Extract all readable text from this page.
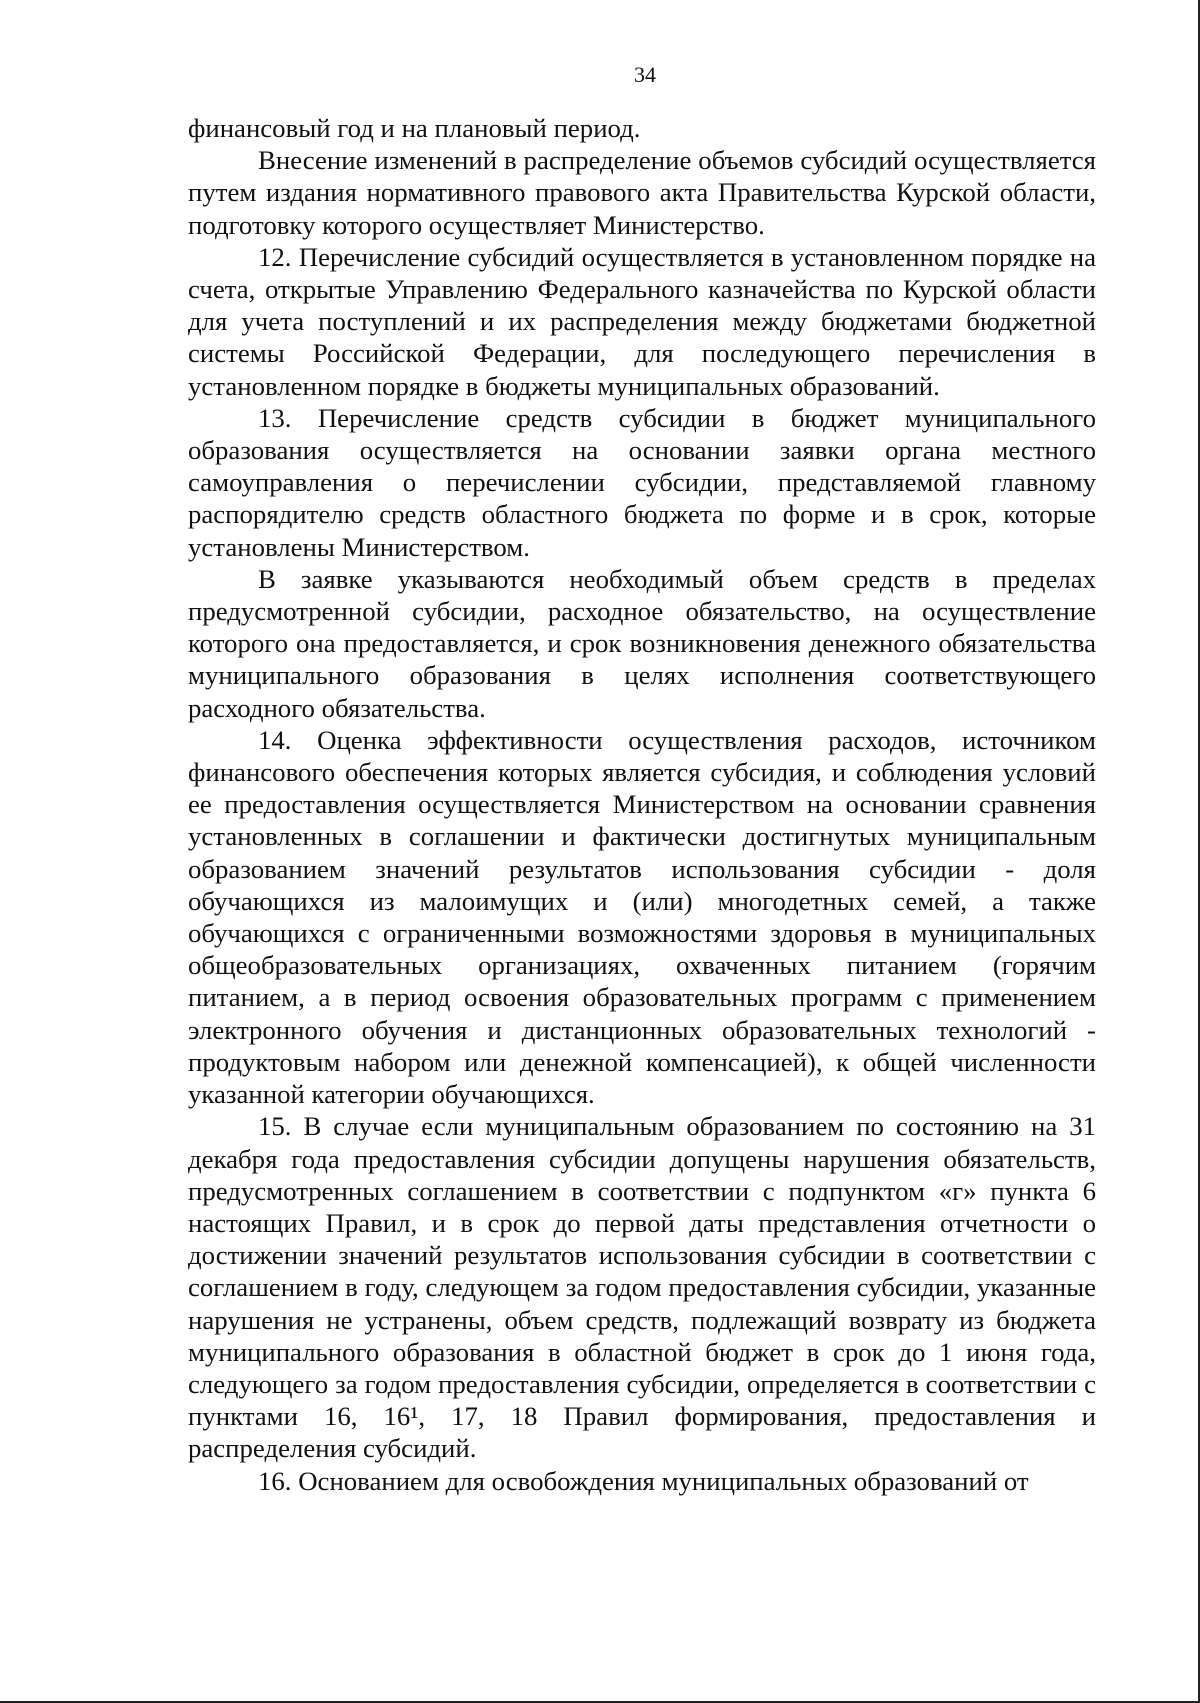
34

финансовый год и на плановый период.

Внесение изменений в распределение объемов субсидий осуществляется путем издания нормативного правового акта Правительства Курской области, подготовку которого осуществляет Министерство.

12. Перечисление субсидий осуществляется в установленном порядке на счета, открытые Управлению Федерального казначейства по Курской области для учета поступлений и их распределения между бюджетами бюджетной системы Российской Федерации, для последующего перечисления в установленном порядке в бюджеты муниципальных образований.

13. Перечисление средств субсидии в бюджет муниципального образования осуществляется на основании заявки органа местного самоуправления о перечислении субсидии, представляемой главному распорядителю средств областного бюджета по форме и в срок, которые установлены Министерством.

В заявке указываются необходимый объем средств в пределах предусмотренной субсидии, расходное обязательство, на осуществление которого она предоставляется, и срок возникновения денежного обязательства муниципального образования в целях исполнения соответствующего расходного обязательства.

14. Оценка эффективности осуществления расходов, источником финансового обеспечения которых является субсидия, и соблюдения условий ее предоставления осуществляется Министерством на основании сравнения установленных в соглашении и фактически достигнутых муниципальным образованием значений результатов использования субсидии - доля обучающихся из малоимущих и (или) многодетных семей, а также обучающихся с ограниченными возможностями здоровья в муниципальных общеобразовательных организациях, охваченных питанием (горячим питанием, а в период освоения образовательных программ с применением электронного обучения и дистанционных образовательных технологий - продуктовым набором или денежной компенсацией), к общей численности указанной категории обучающихся.

15. В случае если муниципальным образованием по состоянию на 31 декабря года предоставления субсидии допущены нарушения обязательств, предусмотренных соглашением в соответствии с подпунктом «г» пункта 6 настоящих Правил, и в срок до первой даты представления отчетности о достижении значений результатов использования субсидии в соответствии с соглашением в году, следующем за годом предоставления субсидии, указанные нарушения не устранены, объем средств, подлежащий возврату из бюджета муниципального образования в областной бюджет в срок до 1 июня года, следующего за годом предоставления субсидии, определяется в соответствии с пунктами 16, 16¹, 17, 18 Правил формирования, предоставления и распределения субсидий.

16. Основанием для освобождения муниципальных образований от
